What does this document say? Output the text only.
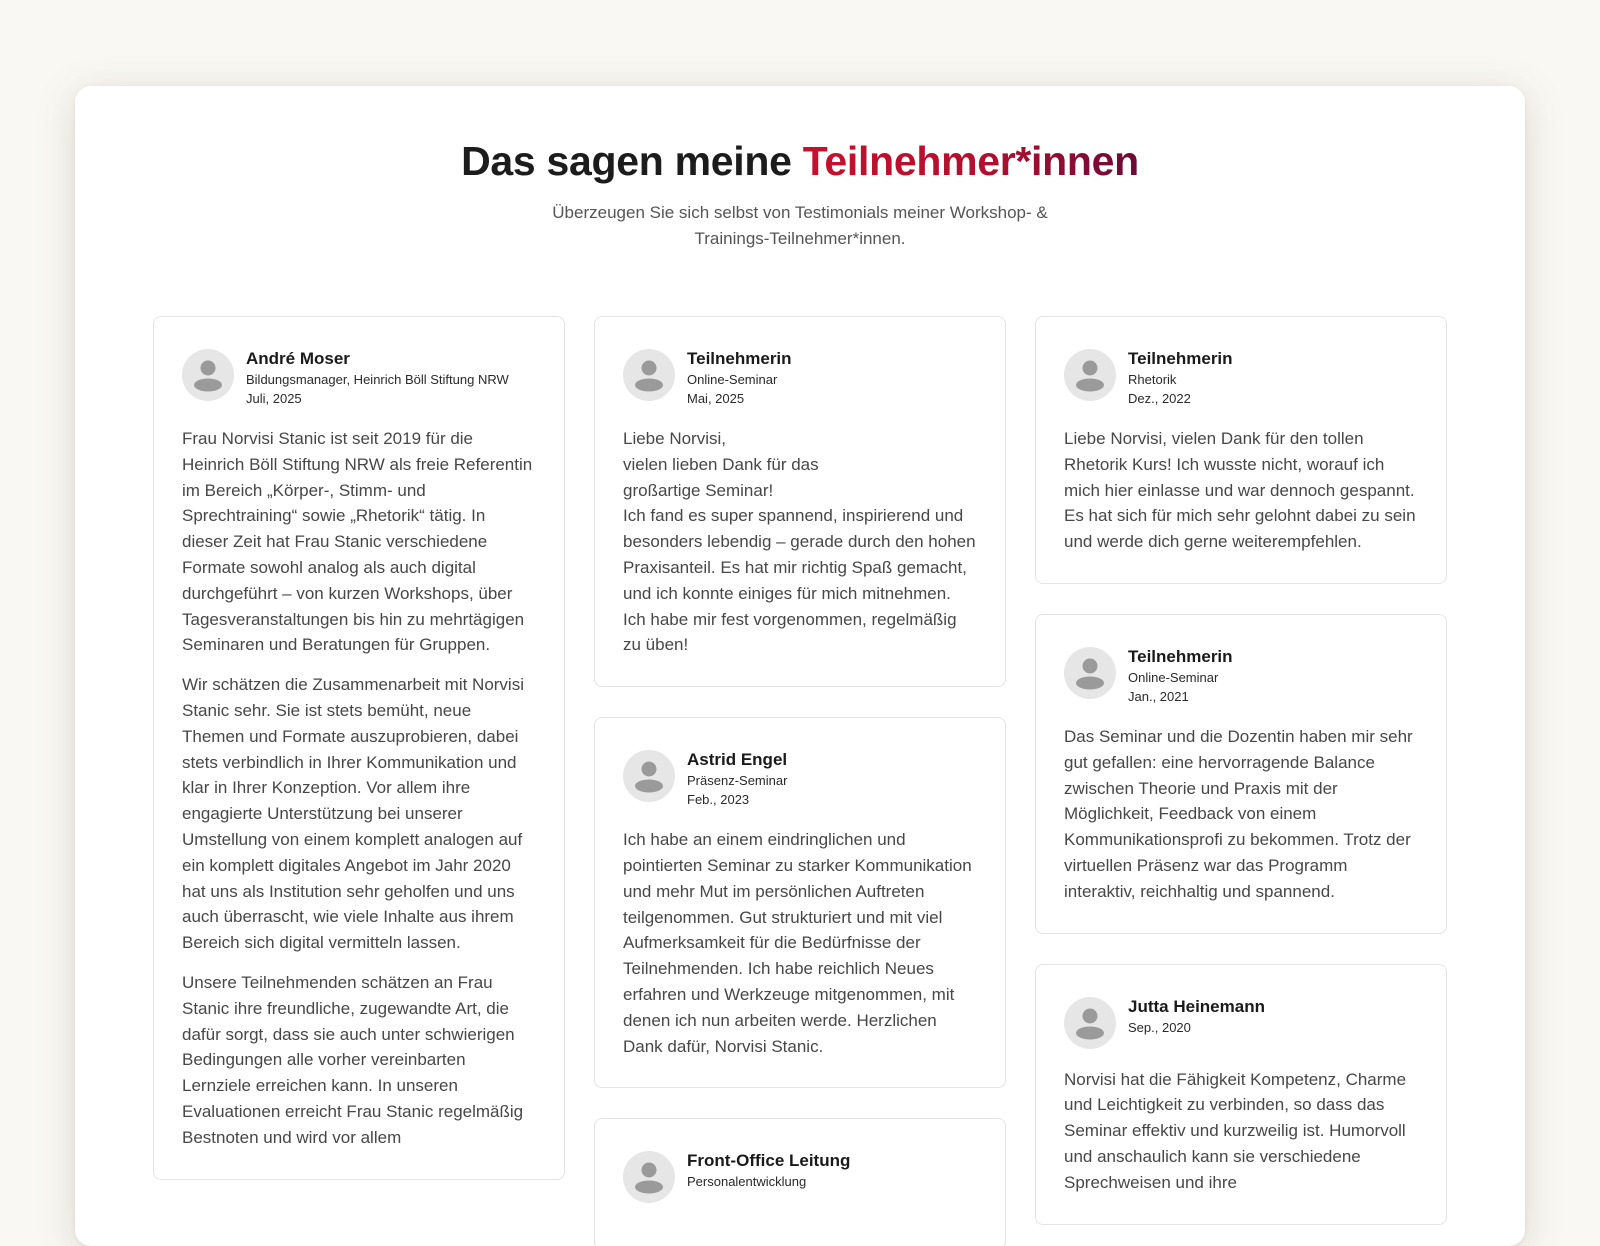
Das sagen meine Teilnehmer*innen

Überzeugen Sie sich selbst von Testimonials meiner Workshop- & Trainings-Teilnehmer*innen.

André Moser
Bildungsmanager, Heinrich Böll Stiftung NRW
Juli, 2025

Frau Norvisi Stanic ist seit 2019 für die Heinrich Böll Stiftung NRW als freie Referentin im Bereich „Körper-, Stimm- und Sprechtraining“ sowie „Rhetorik“ tätig. In dieser Zeit hat Frau Stanic verschiedene Formate sowohl analog als auch digital durchgeführt – von kurzen Workshops, über Tagesveranstaltungen bis hin zu mehrtägigen Seminaren und Beratungen für Gruppen.

Wir schätzen die Zusammenarbeit mit Norvisi Stanic sehr. Sie ist stets bemüht, neue Themen und Formate auszuprobieren, dabei stets verbindlich in Ihrer Kommunikation und klar in Ihrer Konzeption. Vor allem ihre engagierte Unterstützung bei unserer Umstellung von einem komplett analogen auf ein komplett digitales Angebot im Jahr 2020 hat uns als Institution sehr geholfen und uns auch überrascht, wie viele Inhalte aus ihrem Bereich sich digital vermitteln lassen.

Unsere Teilnehmenden schätzen an Frau Stanic ihre freundliche, zugewandte Art, die dafür sorgt, dass sie auch unter schwierigen Bedingungen alle vorher vereinbarten Lernziele erreichen kann. In unseren Evaluationen erreicht Frau Stanic regelmäßig Bestnoten und wird vor allem

Teilnehmerin
Online-Seminar
Mai, 2025

Liebe Norvisi,
vielen lieben Dank für das
großartige Seminar!
Ich fand es super spannend, inspirierend und besonders lebendig – gerade durch den hohen Praxisanteil. Es hat mir richtig Spaß gemacht, und ich konnte einiges für mich mitnehmen. Ich habe mir fest vorgenommen, regelmäßig zu üben!

Astrid Engel
Präsenz-Seminar
Feb., 2023

Ich habe an einem eindringlichen und pointierten Seminar zu starker Kommunikation und mehr Mut im persönlichen Auftreten teilgenommen. Gut strukturiert und mit viel Aufmerksamkeit für die Bedürfnisse der Teilnehmenden. Ich habe reichlich Neues erfahren und Werkzeuge mitgenommen, mit denen ich nun arbeiten werde. Herzlichen Dank dafür, Norvisi Stanic.

Front-Office Leitung
Personalentwicklung
Teilnehmerin
Rhetorik
Dez., 2022

Liebe Norvisi, vielen Dank für den tollen Rhetorik Kurs! Ich wusste nicht, worauf ich mich hier einlasse und war dennoch gespannt. Es hat sich für mich sehr gelohnt dabei zu sein und werde dich gerne weiterempfehlen.

Teilnehmerin
Online-Seminar
Jan., 2021

Das Seminar und die Dozentin haben mir sehr gut gefallen: eine hervorragende Balance zwischen Theorie und Praxis mit der Möglichkeit, Feedback von einem Kommunikationsprofi zu bekommen. Trotz der virtuellen Präsenz war das Programm interaktiv, reichhaltig und spannend.

Jutta Heinemann
Sep., 2020

Norvisi hat die Fähigkeit Kompetenz, Charme und Leichtigkeit zu verbinden, so dass das Seminar effektiv und kurzweilig ist. Humorvoll und anschaulich kann sie verschiedene Sprechweisen und ihre
